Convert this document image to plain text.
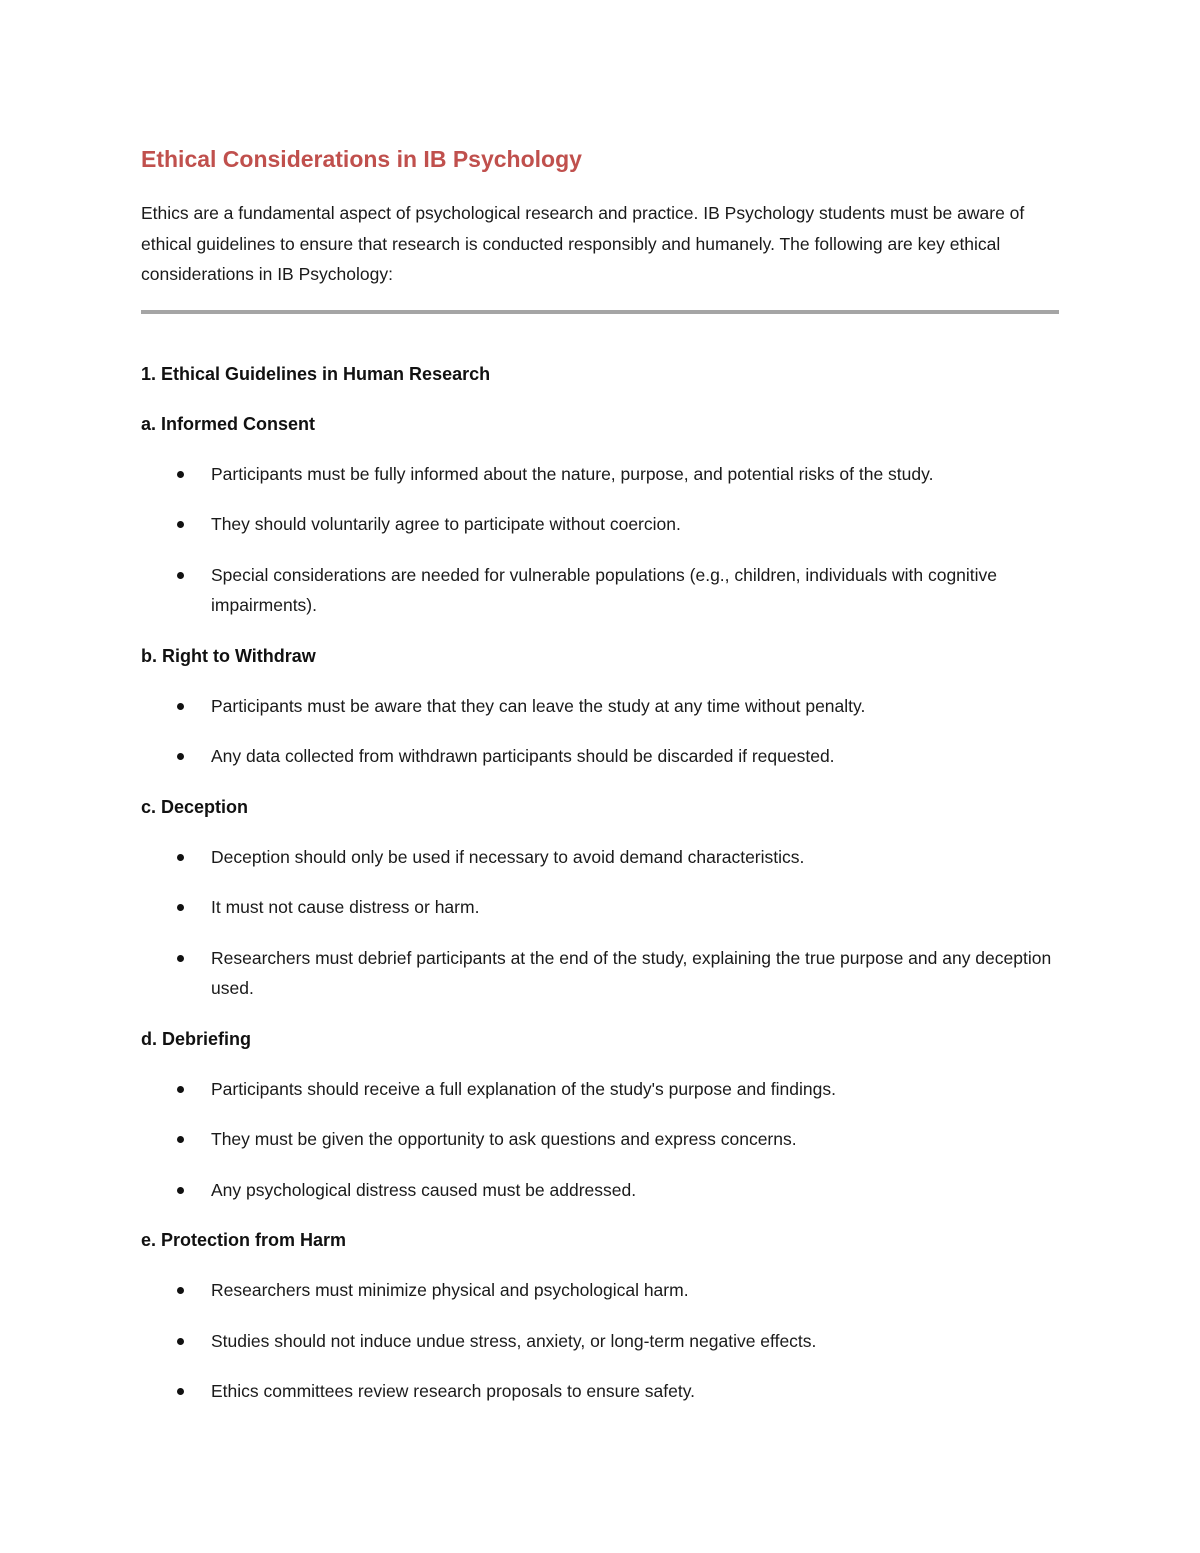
Ethical Considerations in IB Psychology

Ethics are a fundamental aspect of psychological research and practice. IB Psychology students must be aware of ethical guidelines to ensure that research is conducted responsibly and humanely. The following are key ethical considerations in IB Psychology:

1. Ethical Guidelines in Human Research
a. Informed Consent
Participants must be fully informed about the nature, purpose, and potential risks of the study.
They should voluntarily agree to participate without coercion.
Special considerations are needed for vulnerable populations (e.g., children, individuals with cognitive impairments).
b. Right to Withdraw
Participants must be aware that they can leave the study at any time without penalty.
Any data collected from withdrawn participants should be discarded if requested.
c. Deception
Deception should only be used if necessary to avoid demand characteristics.
It must not cause distress or harm.
Researchers must debrief participants at the end of the study, explaining the true purpose and any deception used.
d. Debriefing
Participants should receive a full explanation of the study's purpose and findings.
They must be given the opportunity to ask questions and express concerns.
Any psychological distress caused must be addressed.
e. Protection from Harm
Researchers must minimize physical and psychological harm.
Studies should not induce undue stress, anxiety, or long-term negative effects.
Ethics committees review research proposals to ensure safety.
